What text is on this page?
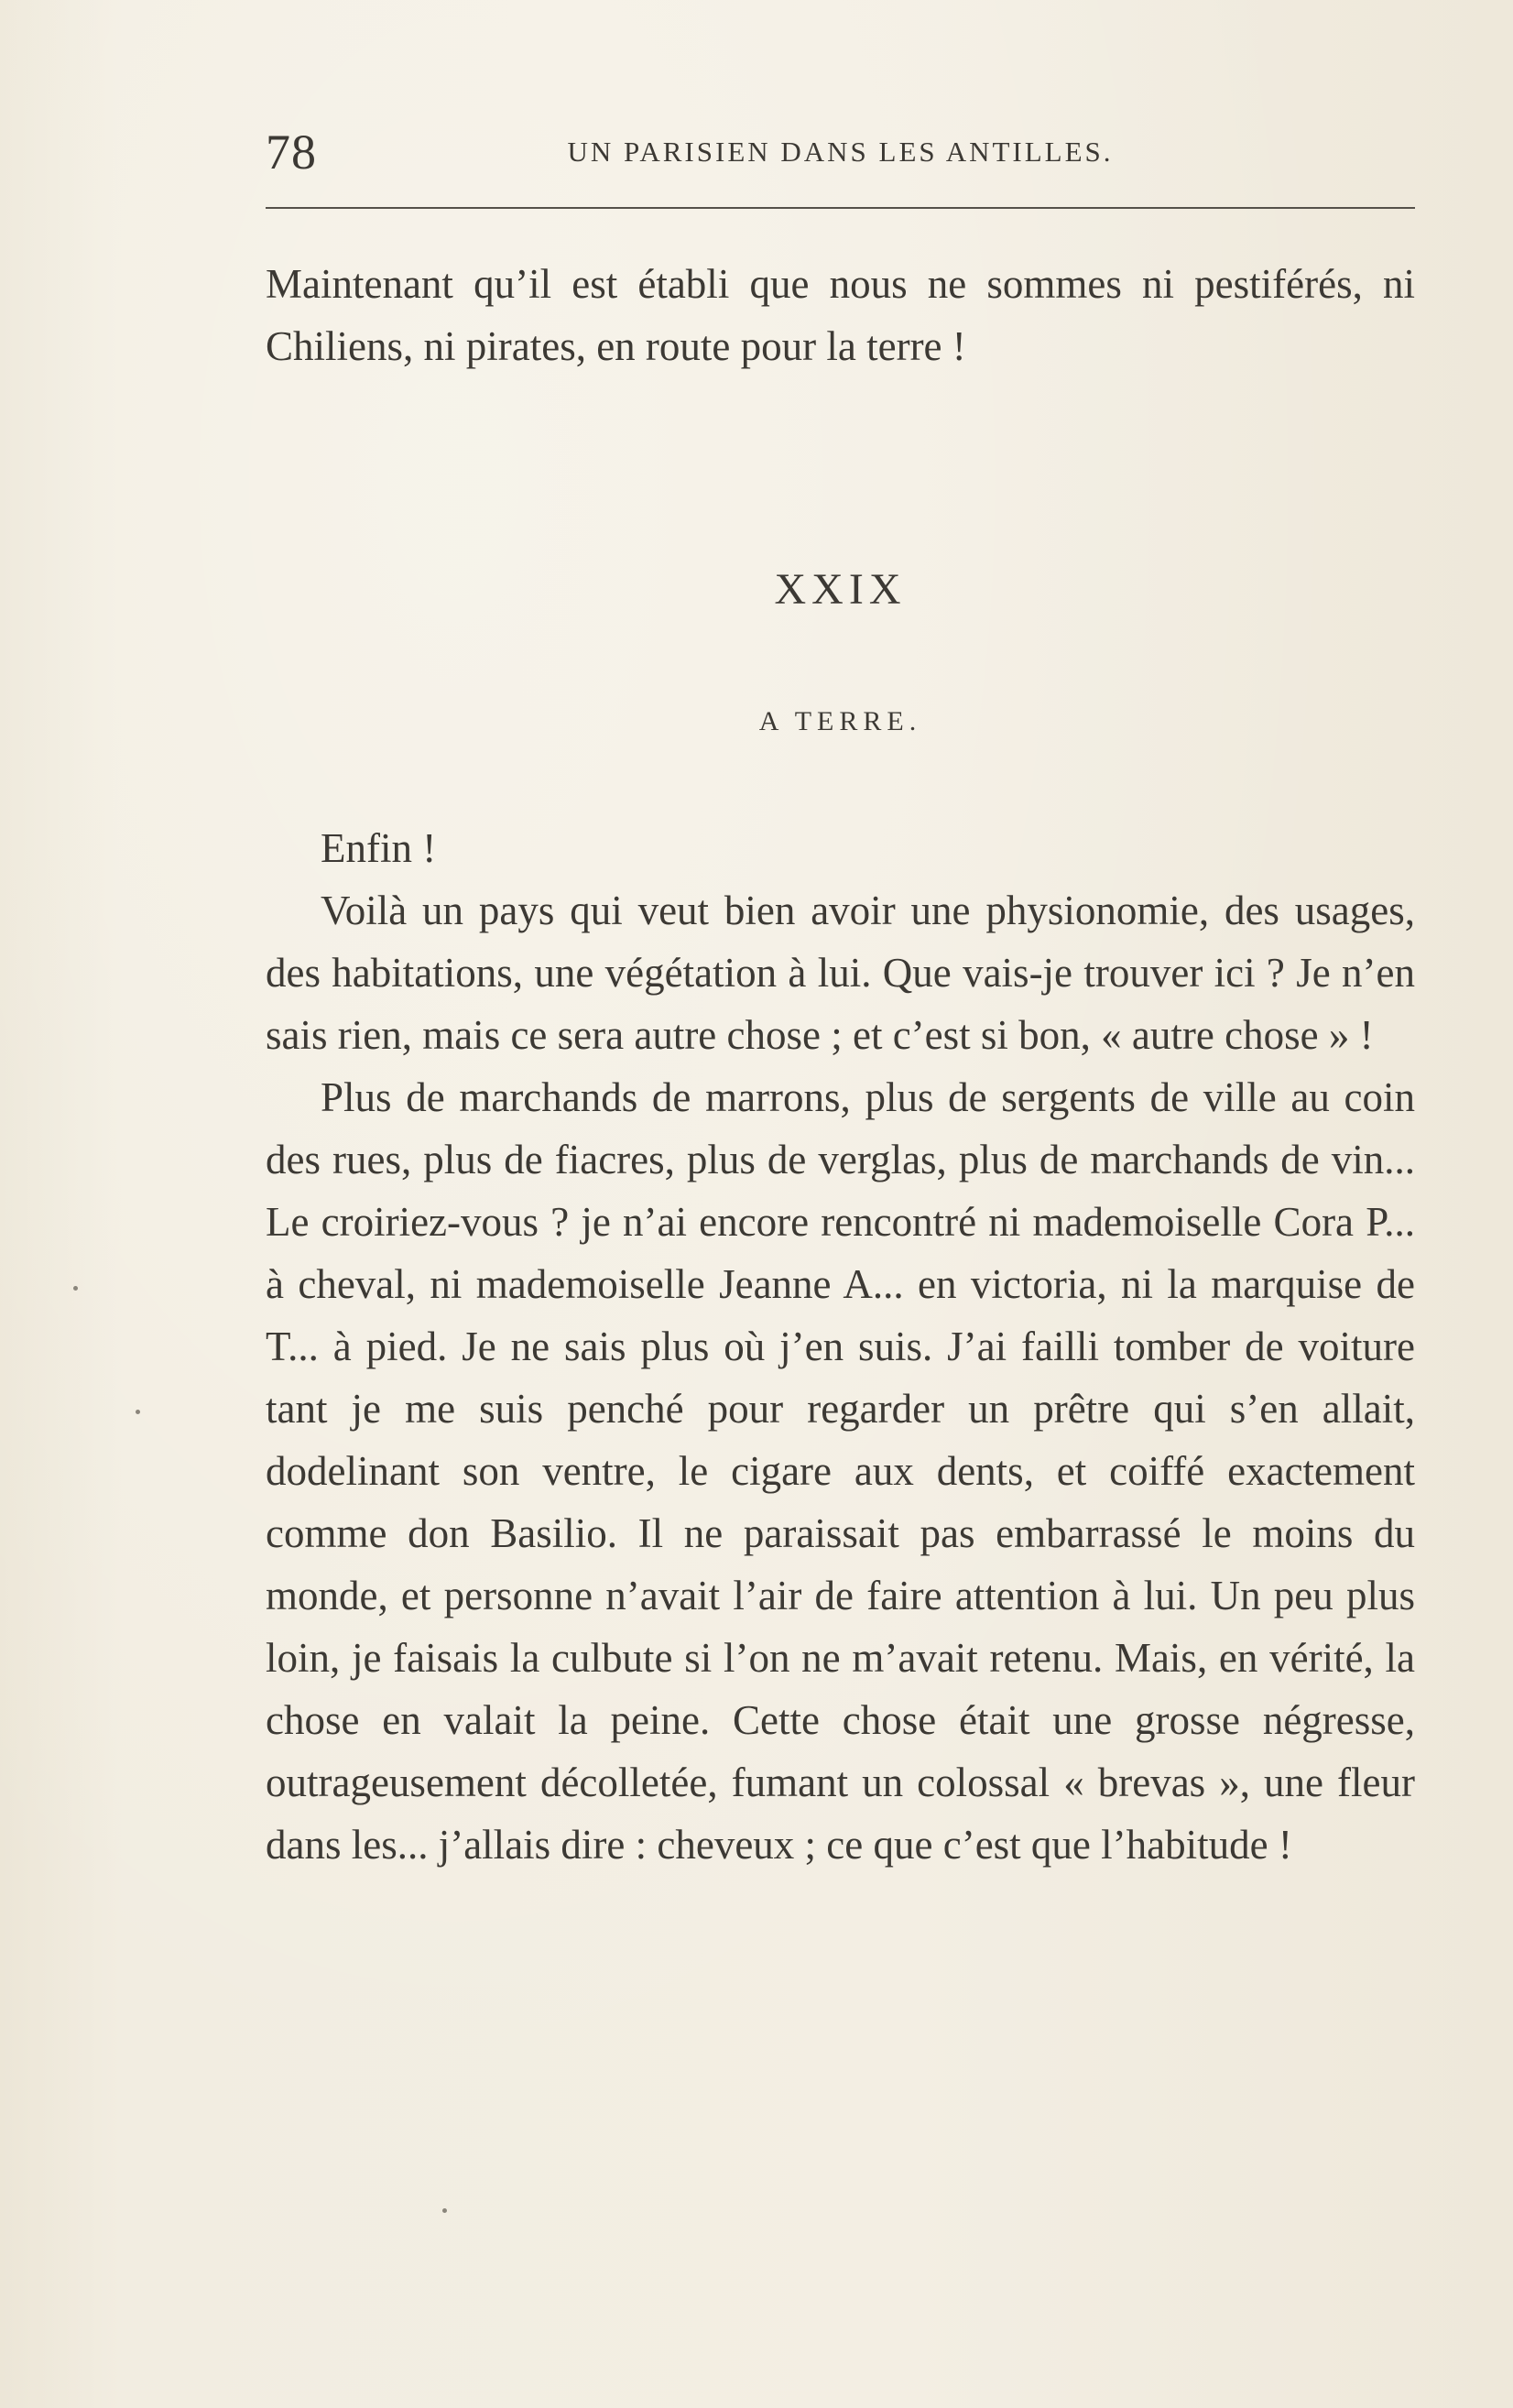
78	UN PARISIEN DANS LES ANTILLES.

Maintenant qu’il est établi que nous ne sommes ni pestiférés, ni Chiliens, ni pirates, en route pour la terre !

XXIX
A TERRE.

Enfin !

Voilà un pays qui veut bien avoir une physionomie, des usages, des habitations, une végétation à lui. Que vais-je trouver ici ? Je n’en sais rien, mais ce sera autre chose ; et c’est si bon, « autre chose » !

Plus de marchands de marrons, plus de sergents de ville au coin des rues, plus de fiacres, plus de verglas, plus de marchands de vin... Le croiriez-vous ? je n’ai encore rencontré ni mademoiselle Cora P... à cheval, ni mademoiselle Jeanne A... en victoria, ni la marquise de T... à pied. Je ne sais plus où j’en suis. J’ai failli tomber de voiture tant je me suis penché pour regarder un prêtre qui s’en allait, dodelinant son ventre, le cigare aux dents, et coiffé exactement comme don Basilio. Il ne paraissait pas embarrassé le moins du monde, et personne n’avait l’air de faire attention à lui. Un peu plus loin, je faisais la culbute si l’on ne m’avait retenu. Mais, en vérité, la chose en valait la peine. Cette chose était une grosse négresse, outrageusement décolletée, fumant un colossal « brevas », une fleur dans les... j’allais dire : cheveux ; ce que c’est que l’habitude !
